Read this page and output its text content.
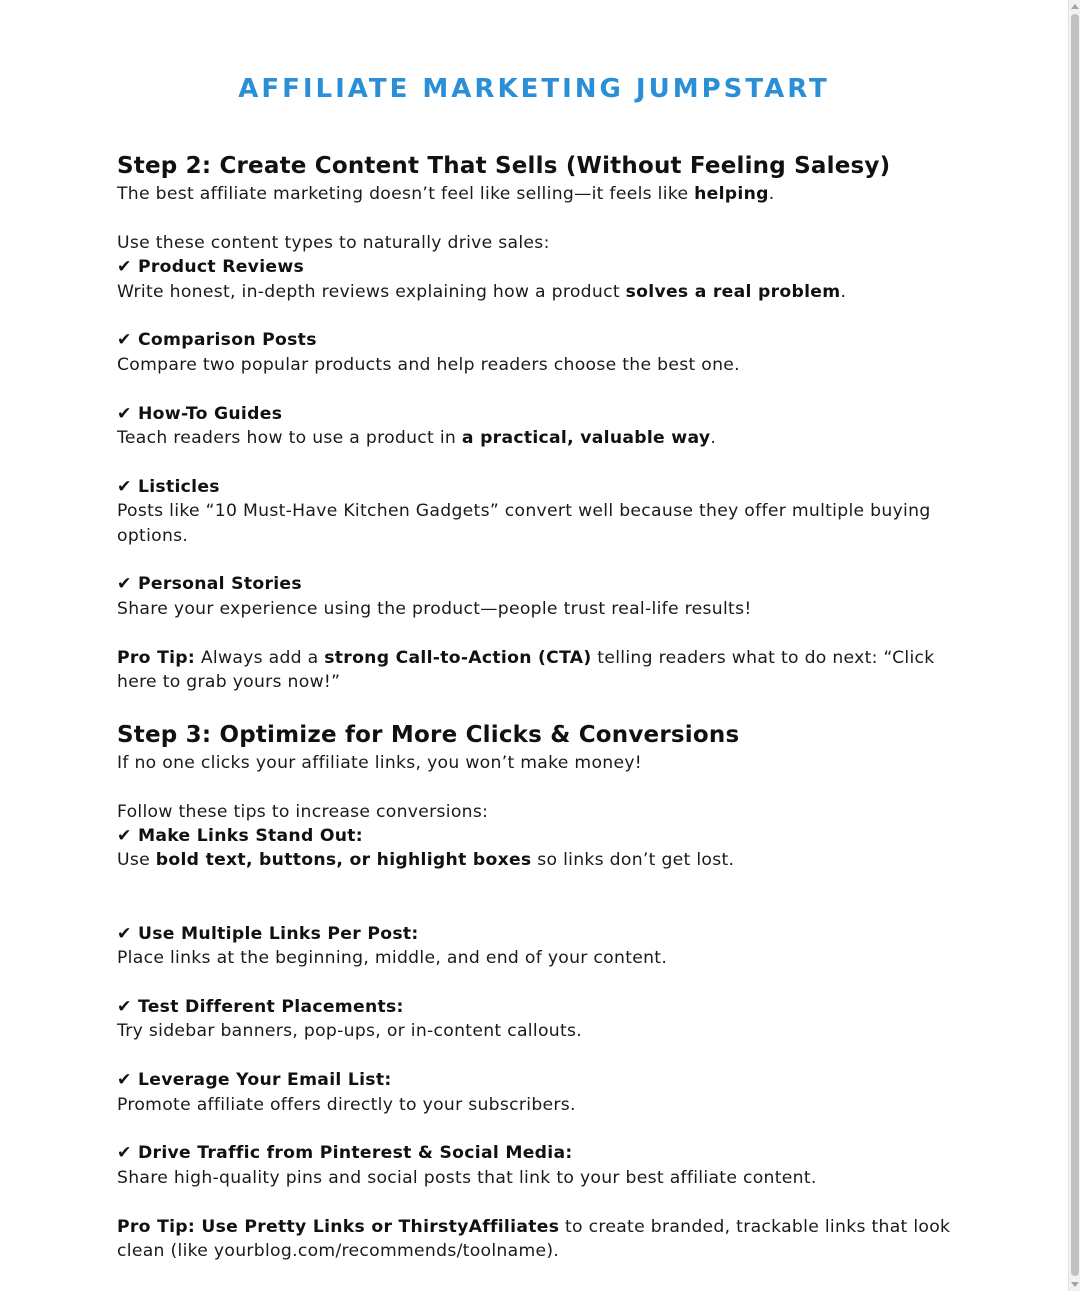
AFFILIATE MARKETING JUMPSTART
Step 2: Create Content That Sells (Without Feeling Salesy)

The best affiliate marketing doesn’t feel like selling—it feels like helping.

Use these content types to naturally drive sales:

✔ Product Reviews

Write honest, in-depth reviews explaining how a product solves a real problem.

✔ Comparison Posts

Compare two popular products and help readers choose the best one.

✔ How-To Guides

Teach readers how to use a product in a practical, valuable way.

✔ Listicles

Posts like “10 Must-Have Kitchen Gadgets” convert well because they offer multiple buying options.

✔ Personal Stories

Share your experience using the product—people trust real-life results!

Pro Tip: Always add a strong Call-to-Action (CTA) telling readers what to do next: “Click here to grab yours now!”

Step 3: Optimize for More Clicks & Conversions

If no one clicks your affiliate links, you won’t make money!

Follow these tips to increase conversions:

✔ Make Links Stand Out:

Use bold text, buttons, or highlight boxes so links don’t get lost.

✔ Use Multiple Links Per Post:

Place links at the beginning, middle, and end of your content.

✔ Test Different Placements:

Try sidebar banners, pop-ups, or in-content callouts.

✔ Leverage Your Email List:

Promote affiliate offers directly to your subscribers.

✔ Drive Traffic from Pinterest & Social Media:

Share high-quality pins and social posts that link to your best affiliate content.

Pro Tip: Use Pretty Links or ThirstyAffiliates to create branded, trackable links that look clean (like yourblog.com/recommends/toolname).
